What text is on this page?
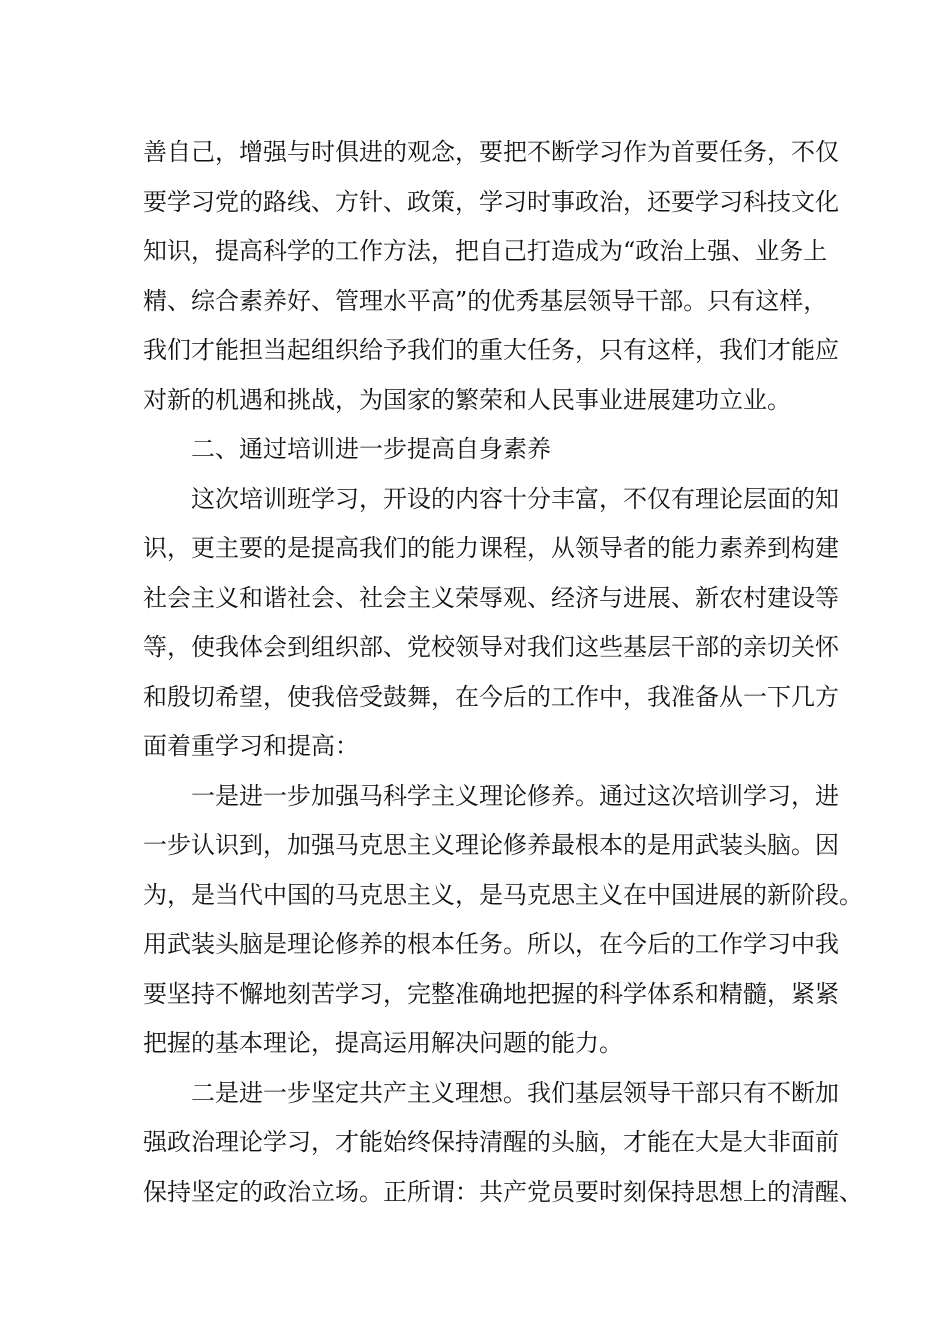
善自己，增强与时俱进的观念，要把不断学习作为首要任务，不仅
要学习党的路线、方针、政策，学习时事政治，还要学习科技文化
知识，提高科学的工作方法，把自己打造成为“政治上强、业务上
精、综合素养好、管理水平高”的优秀基层领导干部。只有这样，
我们才能担当起组织给予我们的重大任务，只有这样，我们才能应
对新的机遇和挑战，为国家的繁荣和人民事业进展建功立业。
二、通过培训进一步提高自身素养
这次培训班学习，开设的内容十分丰富，不仅有理论层面的知
识，更主要的是提高我们的能力课程，从领导者的能力素养到构建
社会主义和谐社会、社会主义荣辱观、经济与进展、新农村建设等
等，使我体会到组织部、党校领导对我们这些基层干部的亲切关怀
和殷切希望，使我倍受鼓舞，在今后的工作中，我准备从一下几方
面着重学习和提高：
一是进一步加强马科学主义理论修养。通过这次培训学习，进
一步认识到，加强马克思主义理论修养最根本的是用武装头脑。因
为，是当代中国的马克思主义，是马克思主义在中国进展的新阶段。
用武装头脑是理论修养的根本任务。所以，在今后的工作学习中我
要坚持不懈地刻苦学习，完整准确地把握的科学体系和精髓，紧紧
把握的基本理论，提高运用解决问题的能力。
二是进一步坚定共产主义理想。我们基层领导干部只有不断加
强政治理论学习，才能始终保持清醒的头脑，才能在大是大非面前
保持坚定的政治立场。正所谓：共产党员要时刻保持思想上的清醒、
